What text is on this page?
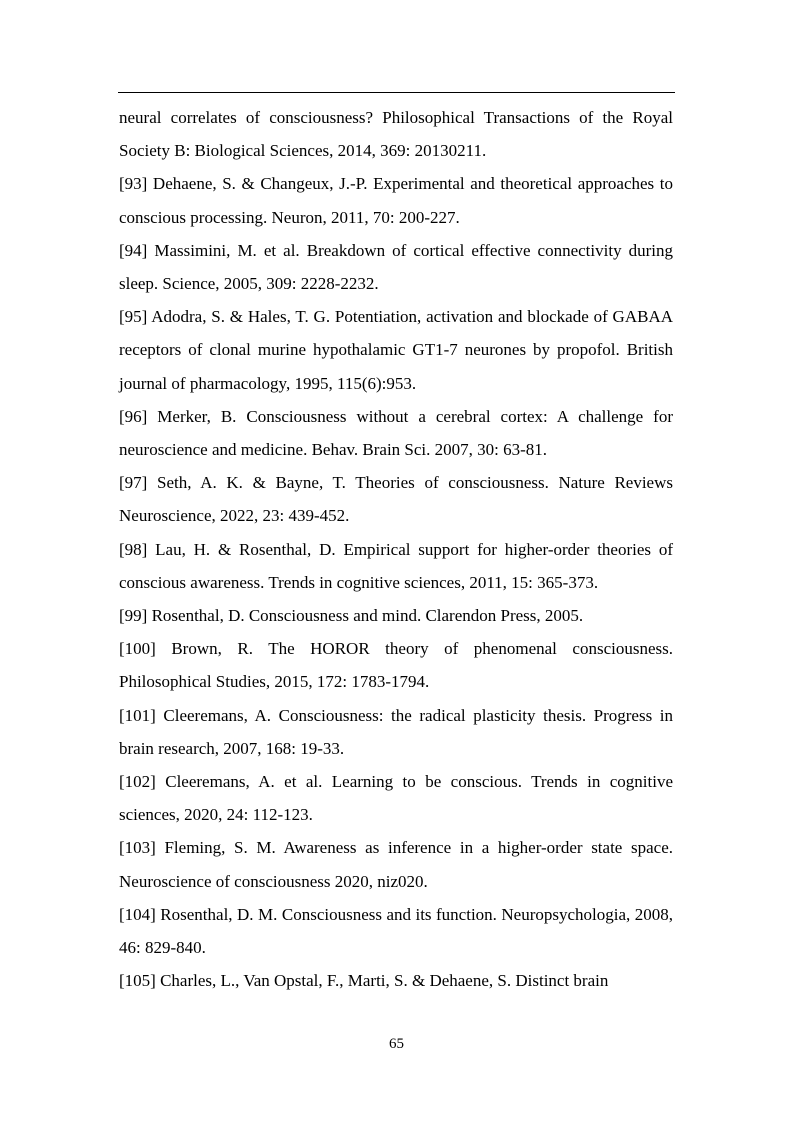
neural correlates of consciousness? Philosophical Transactions of the Royal Society B: Biological Sciences, 2014, 369: 20130211.

[93] Dehaene, S. & Changeux, J.-P. Experimental and theoretical approaches to conscious processing. Neuron, 2011, 70: 200-227.

[94] Massimini, M. et al. Breakdown of cortical effective connectivity during sleep. Science, 2005, 309: 2228-2232.

[95] Adodra, S. & Hales, T. G. Potentiation, activation and blockade of GABAA receptors of clonal murine hypothalamic GT1-7 neurones by propofol. British journal of pharmacology, 1995, 115(6):953.

[96] Merker, B. Consciousness without a cerebral cortex: A challenge for neuroscience and medicine. Behav. Brain Sci. 2007, 30: 63-81.

[97] Seth, A. K. & Bayne, T. Theories of consciousness. Nature Reviews Neuroscience, 2022, 23: 439-452.

[98] Lau, H. & Rosenthal, D. Empirical support for higher-order theories of conscious awareness. Trends in cognitive sciences, 2011, 15: 365-373.

[99] Rosenthal, D. Consciousness and mind. Clarendon Press, 2005.

[100] Brown, R. The HOROR theory of phenomenal consciousness. Philosophical Studies, 2015, 172: 1783-1794.

[101] Cleeremans, A. Consciousness: the radical plasticity thesis. Progress in brain research, 2007, 168: 19-33.

[102] Cleeremans, A. et al. Learning to be conscious. Trends in cognitive sciences, 2020, 24: 112-123.

[103] Fleming, S. M. Awareness as inference in a higher-order state space. Neuroscience of consciousness 2020, niz020.

[104] Rosenthal, D. M. Consciousness and its function. Neuropsychologia, 2008, 46: 829-840.

[105] Charles, L., Van Opstal, F., Marti, S. & Dehaene, S. Distinct brain

65
